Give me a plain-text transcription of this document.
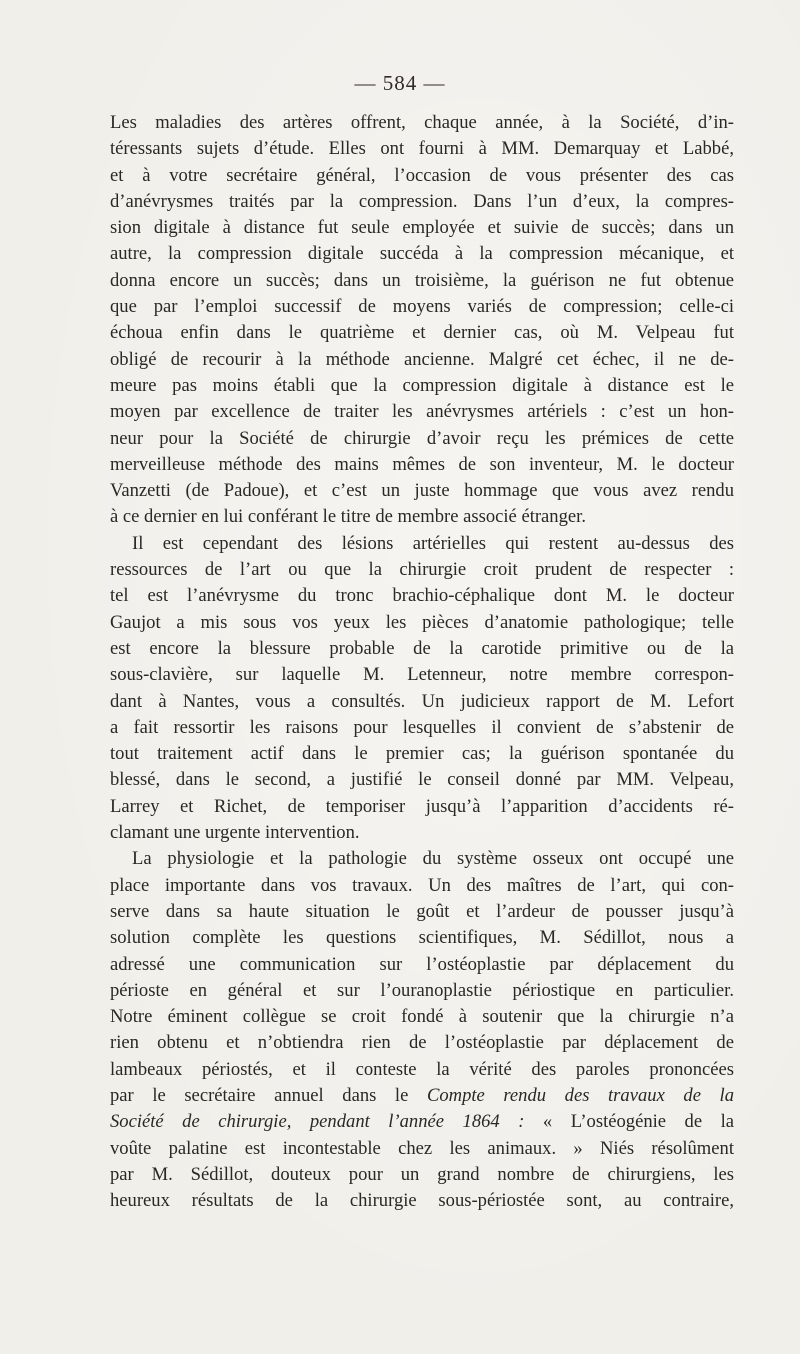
— 584 —
Les maladies des artères offrent, chaque année, à la Société, d’in-
téressants sujets d’étude. Elles ont fourni à MM. Demarquay et Labbé,
et à votre secrétaire général, l’occasion de vous présenter des cas
d’anévrysmes traités par la compression. Dans l’un d’eux, la compres-
sion digitale à distance fut seule employée et suivie de succès; dans un
autre, la compression digitale succéda à la compression mécanique, et
donna encore un succès; dans un troisième, la guérison ne fut obtenue
que par l’emploi successif de moyens variés de compression; celle-ci
échoua enfin dans le quatrième et dernier cas, où M. Velpeau fut
obligé de recourir à la méthode ancienne. Malgré cet échec, il ne de-
meure pas moins établi que la compression digitale à distance est le
moyen par excellence de traiter les anévrysmes artériels : c’est un hon-
neur pour la Société de chirurgie d’avoir reçu les prémices de cette
merveilleuse méthode des mains mêmes de son inventeur, M. le docteur
Vanzetti (de Padoue), et c’est un juste hommage que vous avez rendu
à ce dernier en lui conférant le titre de membre associé étranger.
Il est cependant des lésions artérielles qui restent au-dessus des
ressources de l’art ou que la chirurgie croit prudent de respecter :
tel est l’anévrysme du tronc brachio-céphalique dont M. le docteur
Gaujot a mis sous vos yeux les pièces d’anatomie pathologique; telle
est encore la blessure probable de la carotide primitive ou de la
sous-clavière, sur laquelle M. Letenneur, notre membre correspon-
dant à Nantes, vous a consultés. Un judicieux rapport de M. Lefort
a fait ressortir les raisons pour lesquelles il convient de s’abstenir de
tout traitement actif dans le premier cas; la guérison spontanée du
blessé, dans le second, a justifié le conseil donné par MM. Velpeau,
Larrey et Richet, de temporiser jusqu’à l’apparition d’accidents ré-
clamant une urgente intervention.
La physiologie et la pathologie du système osseux ont occupé une
place importante dans vos travaux. Un des maîtres de l’art, qui con-
serve dans sa haute situation le goût et l’ardeur de pousser jusqu’à
solution complète les questions scientifiques, M. Sédillot, nous a
adressé une communication sur l’ostéoplastie par déplacement du
périoste en général et sur l’ouranoplastie périostique en particulier.
Notre éminent collègue se croit fondé à soutenir que la chirurgie n’a
rien obtenu et n’obtiendra rien de l’ostéoplastie par déplacement de
lambeaux périostés, et il conteste la vérité des paroles prononcées
par le secrétaire annuel dans le Compte rendu des travaux de la
Société de chirurgie, pendant l’année 1864 : « L’ostéogénie de la
voûte palatine est incontestable chez les animaux. » Niés résolûment
par M. Sédillot, douteux pour un grand nombre de chirurgiens, les
heureux résultats de la chirurgie sous-périostée sont, au contraire,
